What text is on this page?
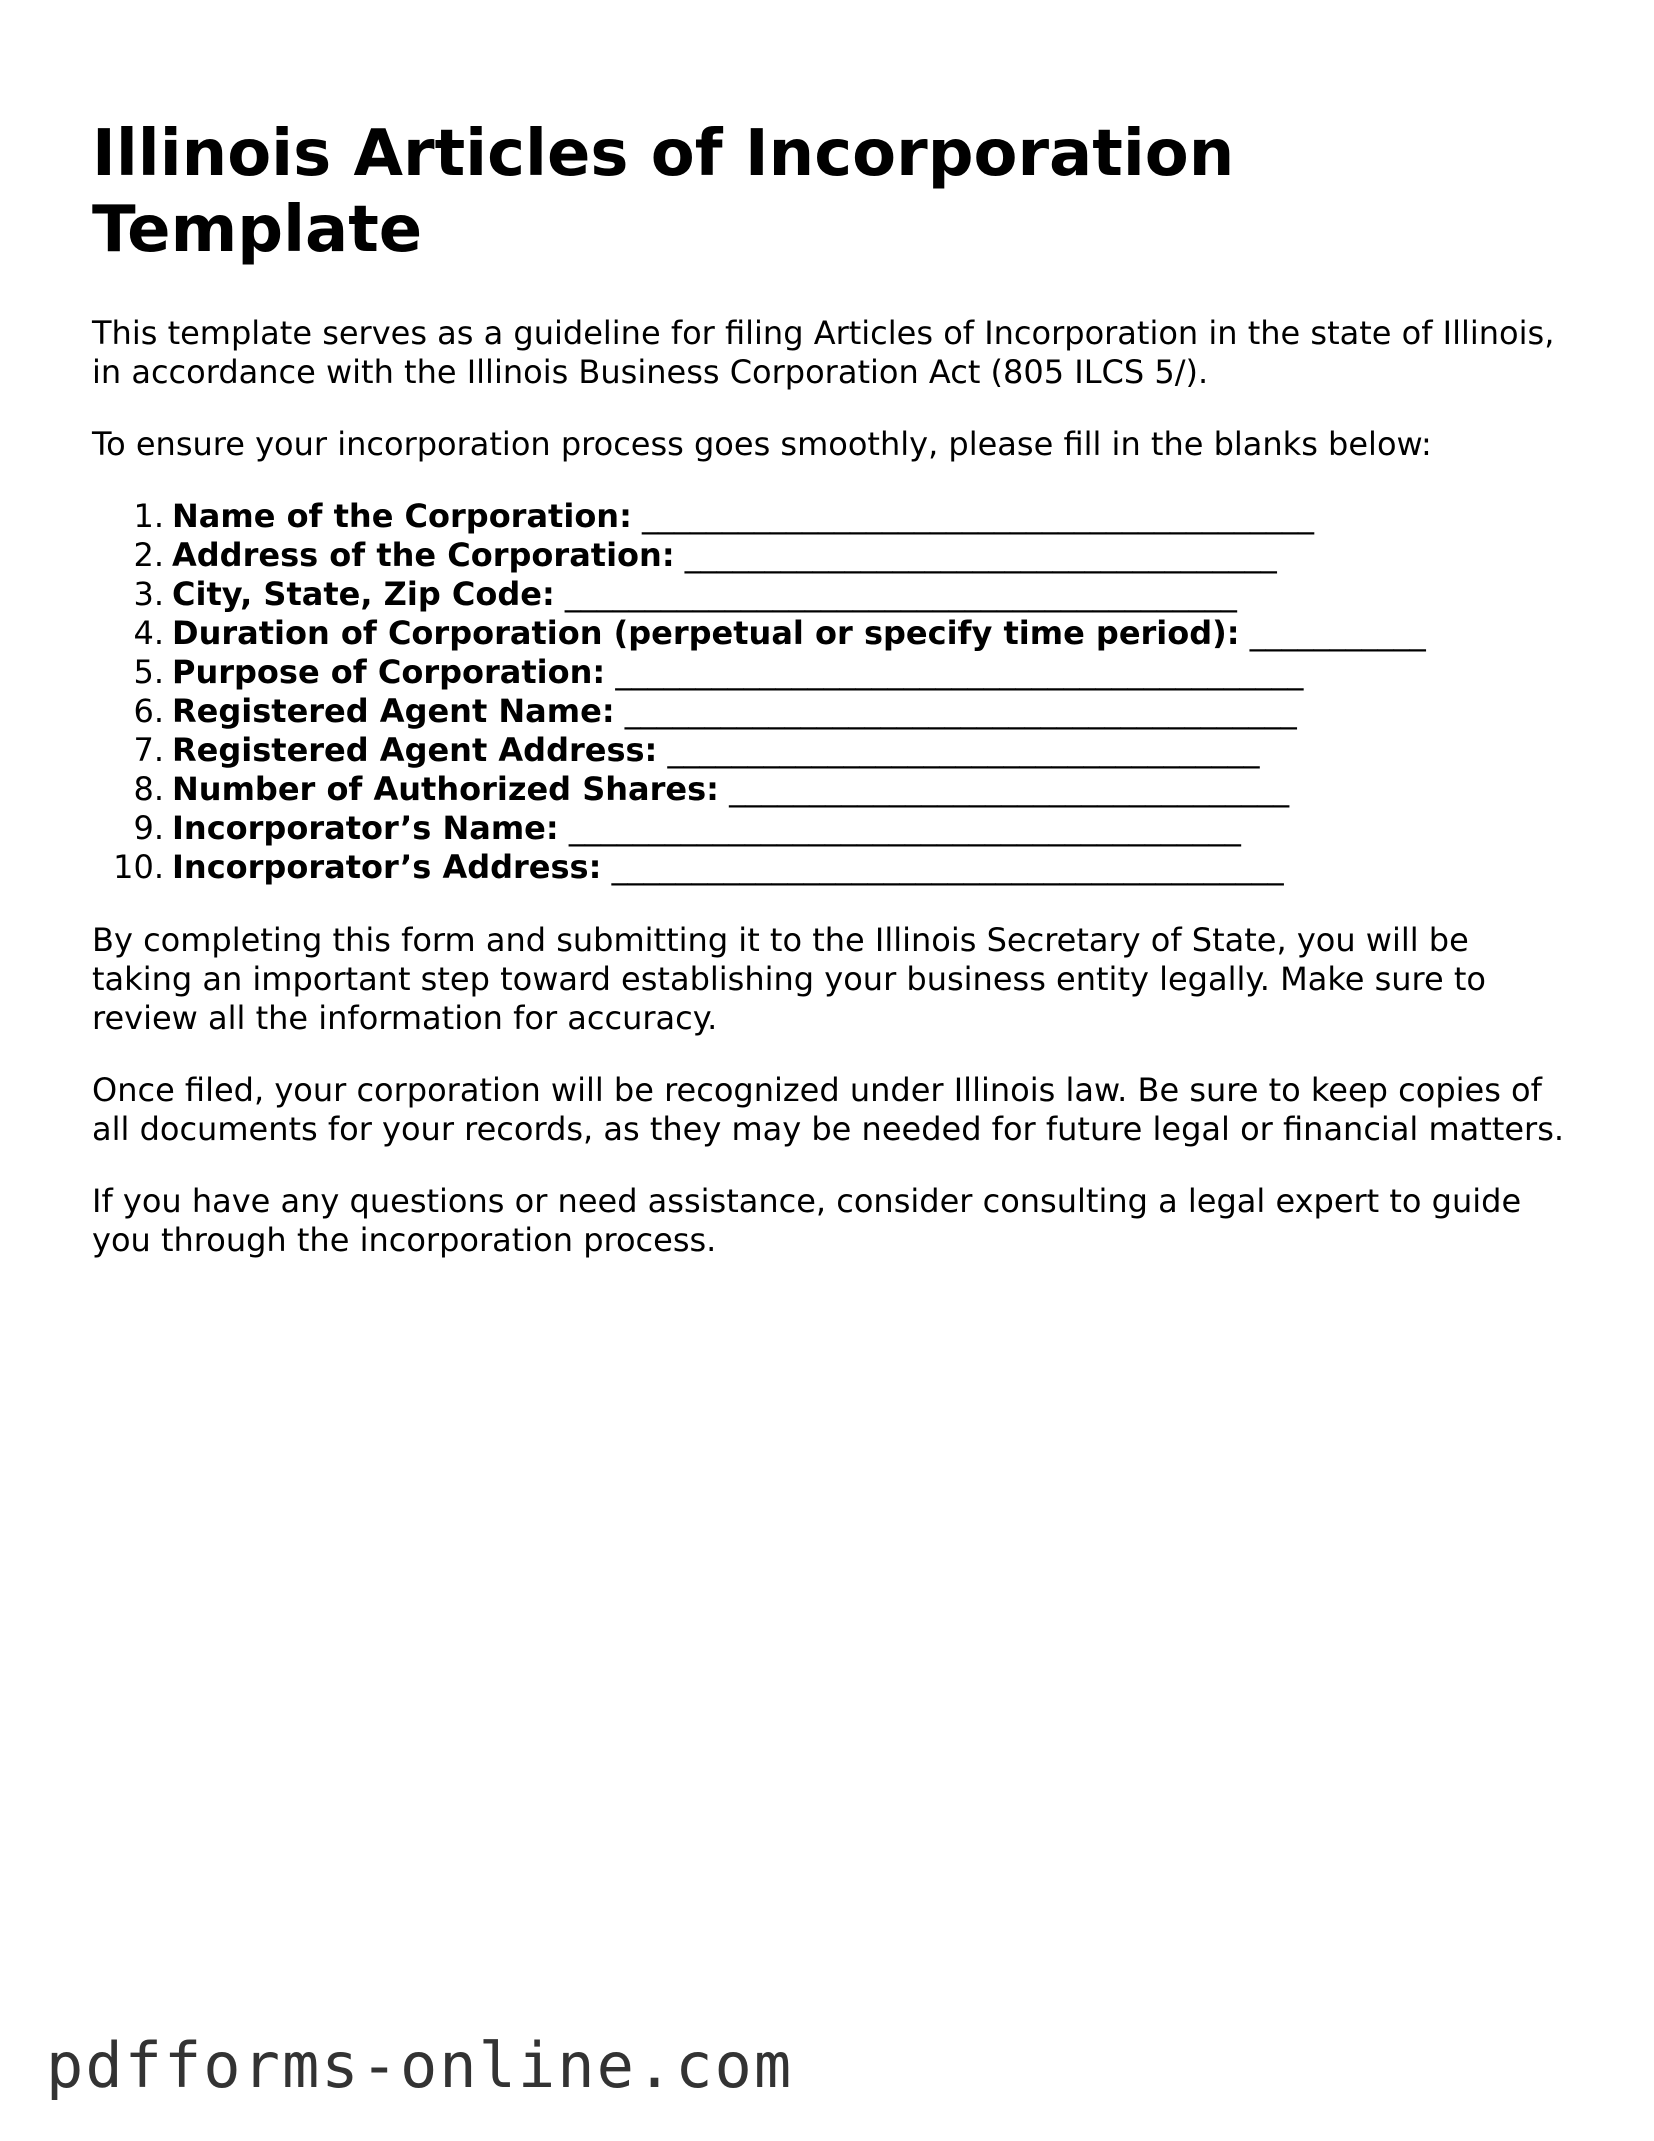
Illinois Articles of Incorporation Template

This template serves as a guideline for filing Articles of Incorporation in the state of Illinois, in accordance with the Illinois Business Corporation Act (805 ILCS 5/).

To ensure your incorporation process goes smoothly, please fill in the blanks below:

1. Name of the Corporation:
__________________________________________
2. Address of the Corporation:
_____________________________________
3. City, State, Zip Code:
__________________________________________
4. Duration of Corporation (perpetual or specify time period):
___________
5. Purpose of Corporation:
___________________________________________
6. Registered Agent Name:
__________________________________________
7. Registered Agent Address:
_____________________________________
8. Number of Authorized Shares:
___________________________________
9. Incorporator’s Name:
__________________________________________
10. Incorporator’s Address:
__________________________________________

By completing this form and submitting it to the Illinois Secretary of State, you will be taking an important step toward establishing your business entity legally. Make sure to review all the information for accuracy.

Once filed, your corporation will be recognized under Illinois law. Be sure to keep copies of all documents for your records, as they may be needed for future legal or financial matters.

If you have any questions or need assistance, consider consulting a legal expert to guide you through the incorporation process.

pdfforms-online.com
